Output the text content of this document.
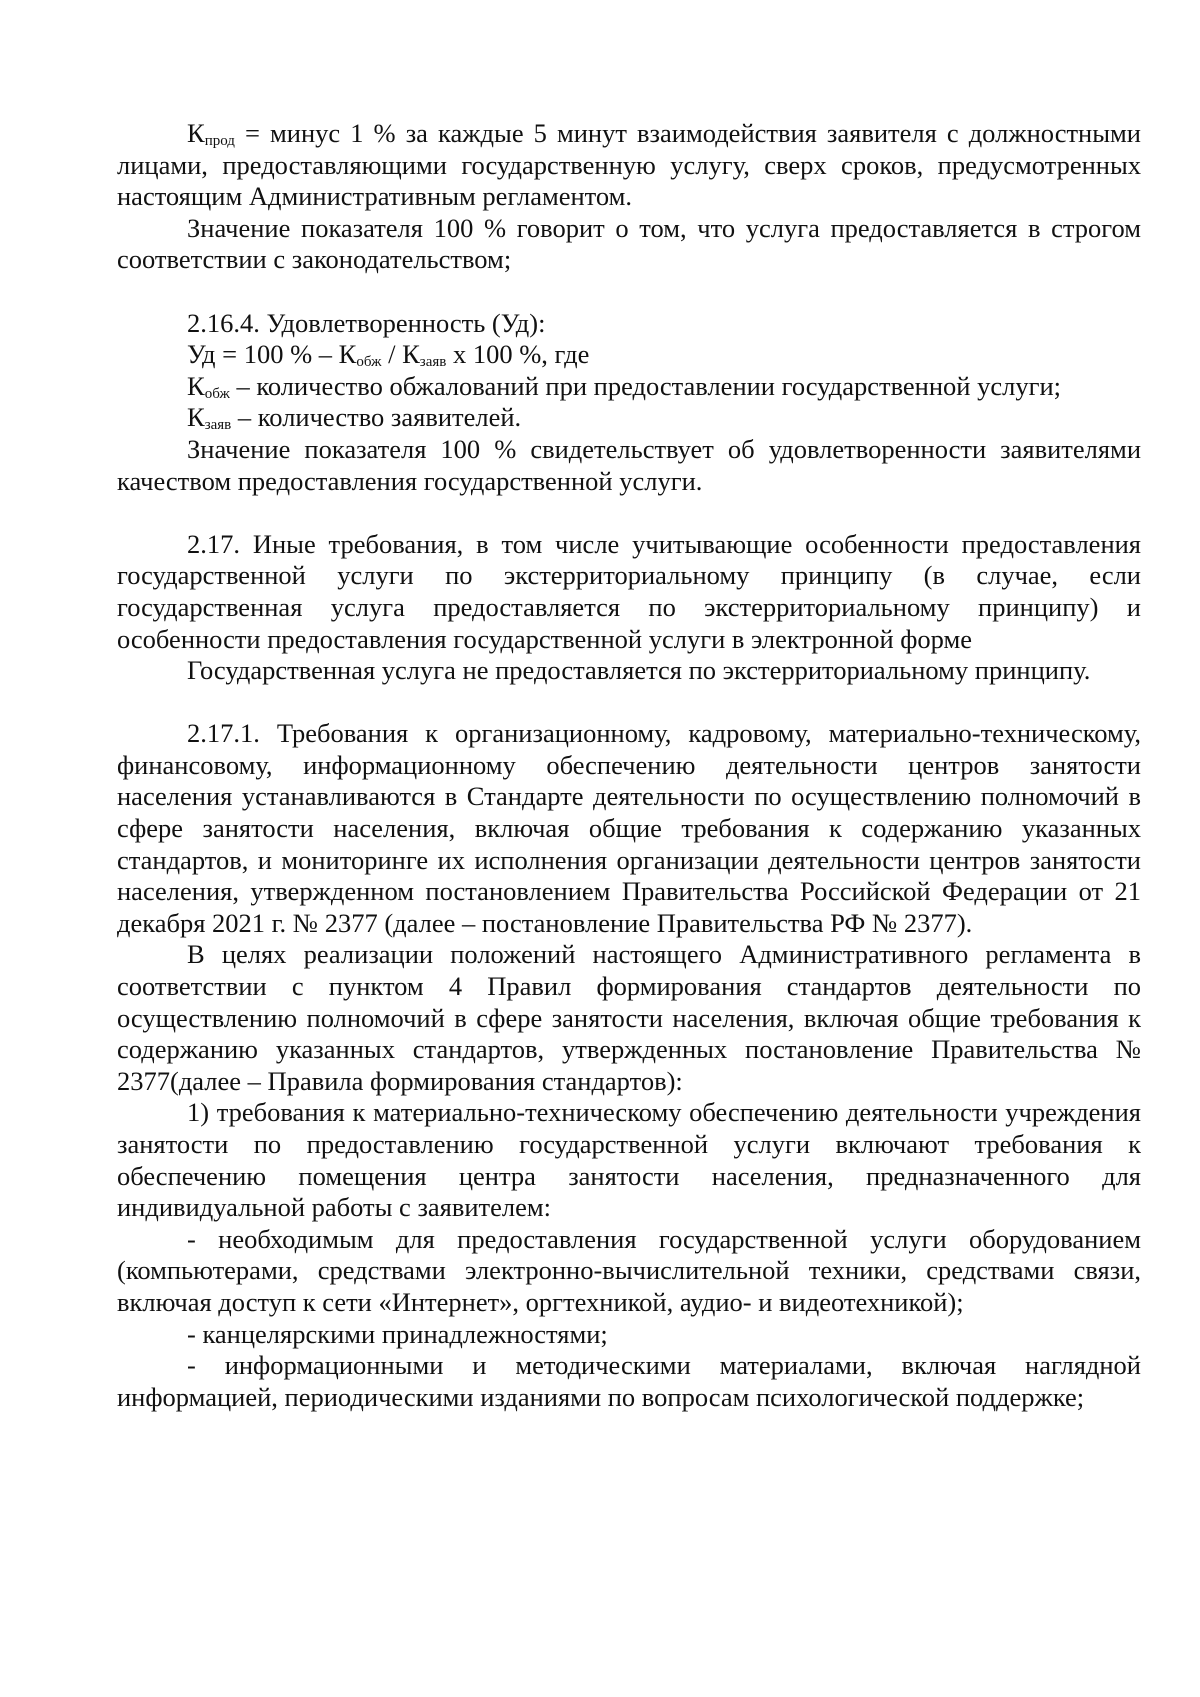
$К_{прод}$ = минус 1 % за каждые 5 минут взаимодействия заявителя с должностными лицами, предоставляющими государственную услугу, сверх сроков, предусмотренных настоящим Административным регламентом.

Значение показателя 100 % говорит о том, что услуга предоставляется в строгом соответствии с законодательством;

2.16.4. Удовлетворенность (Уд):

Уд = 100 % – $К_{обж} / К_{заяв}$ x 100 %, где

$К_{обж}$ – количество обжалований при предоставлении государственной услуги;

$К_{заяв}$ – количество заявителей.

Значение показателя 100 % свидетельствует об удовлетворенности заявителями качеством предоставления государственной услуги.

2.17. Иные требования, в том числе учитывающие особенности предоставления государственной услуги по экстерриториальному принципу (в случае, если государственная услуга предоставляется по экстерриториальному принципу) и особенности предоставления государственной услуги в электронной форме

Государственная услуга не предоставляется по экстерриториальному принципу.

2.17.1. Требования к организационному, кадровому, материально-техническому, финансовому, информационному обеспечению деятельности центров занятости населения устанавливаются в Стандарте деятельности по осуществлению полномочий в сфере занятости населения, включая общие требования к содержанию указанных стандартов, и мониторинге их исполнения организации деятельности центров занятости населения, утвержденном постановлением Правительства Российской Федерации от 21 декабря 2021 г. № 2377 (далее – постановление Правительства РФ № 2377).

В целях реализации положений настоящего Административного регламента в соответствии с пунктом 4 Правил формирования стандартов деятельности по осуществлению полномочий в сфере занятости населения, включая общие требования к содержанию указанных стандартов, утвержденных постановление Правительства № 2377(далее – Правила формирования стандартов):

1) требования к материально-техническому обеспечению деятельности учреждения занятости по предоставлению государственной услуги включают требования к обеспечению помещения центра занятости населения, предназначенного для индивидуальной работы с заявителем:

- необходимым для предоставления государственной услуги оборудованием (компьютерами, средствами электронно-вычислительной техники, средствами связи, включая доступ к сети «Интернет», оргтехникой, аудио- и видеотехникой);

- канцелярскими принадлежностями;

- информационными и методическими материалами, включая наглядной информацией, периодическими изданиями по вопросам психологической поддержке;
